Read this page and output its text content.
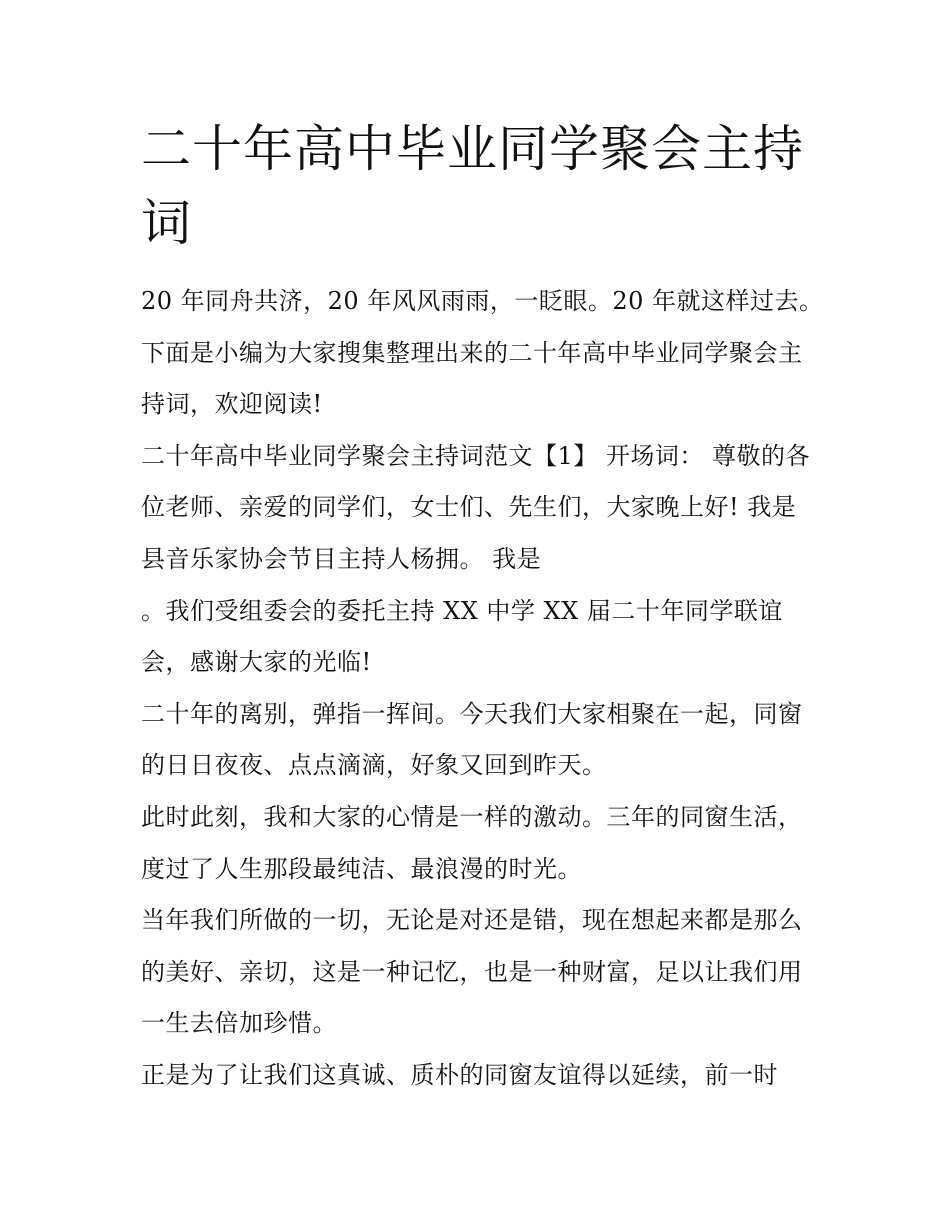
二十年高中毕业同学聚会主持
词
20 年同舟共济，20 年风风雨雨，一眨眼。20 年就这样过去。
下面是小编为大家搜集整理出来的二十年高中毕业同学聚会主
持词，欢迎阅读!
二十年高中毕业同学聚会主持词范文【1】 开场词： 尊敬的各
位老师、亲爱的同学们，女士们、先生们，大家晚上好! 我是
县音乐家协会节目主持人杨拥。 我是
。我们受组委会的委托主持 XX 中学 XX 届二十年同学联谊
会，感谢大家的光临!
二十年的离别，弹指一挥间。今天我们大家相聚在一起，同窗
的日日夜夜、点点滴滴，好象又回到昨天。
此时此刻，我和大家的心情是一样的激动。三年的同窗生活，
度过了人生那段最纯洁、最浪漫的时光。
当年我们所做的一切，无论是对还是错，现在想起来都是那么
的美好、亲切，这是一种记忆，也是一种财富，足以让我们用
一生去倍加珍惜。
正是为了让我们这真诚、质朴的同窗友谊得以延续，前一时
